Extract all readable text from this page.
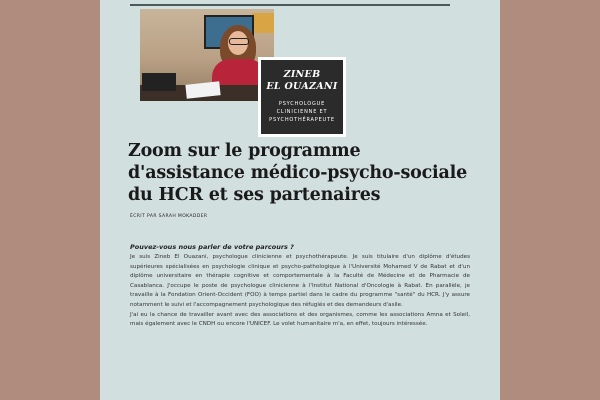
ZINEB
EL OUAZANI
PSYCHOLOGUE
CLINICIENNE ET
PSYCHOTHÉRAPEUTE
Zoom sur le programme d'assistance médico-psycho-sociale du HCR et ses partenaires
ÉCRIT PAR SARAH MOKADDER
Pouvez-vous nous parler de votre parcours ?

Je suis Zineb El Ouazani, psychologue clinicienne et psychothérapeute. Je suis titulaire d'un diplôme d'études supérieures spécialisées en psychologie clinique et psycho-pathologique à l'Université Mohamed V de Rabat et d'un diplôme universitaire en thérapie cognitive et comportementale à la Faculté de Médecine et de Pharmacie de Casablanca. J'occupe le poste de psychologue clinicienne à l'Institut National d'Oncologie à Rabat. En parallèle, je travaille à la Fondation Orient-Occident (FOO) à temps partiel dans le cadre du programme "santé" du HCR. J'y assure notamment le suivi et l'accompagnement psychologique des réfugiés et des demandeurs d'asile.

J'ai eu la chance de travailler avant avec des associations et des organismes, comme les associations Amna et Soleil, mais également avec le CNDH ou encore l'UNICEF. Le volet humanitaire m'a, en effet, toujours intéressée.
